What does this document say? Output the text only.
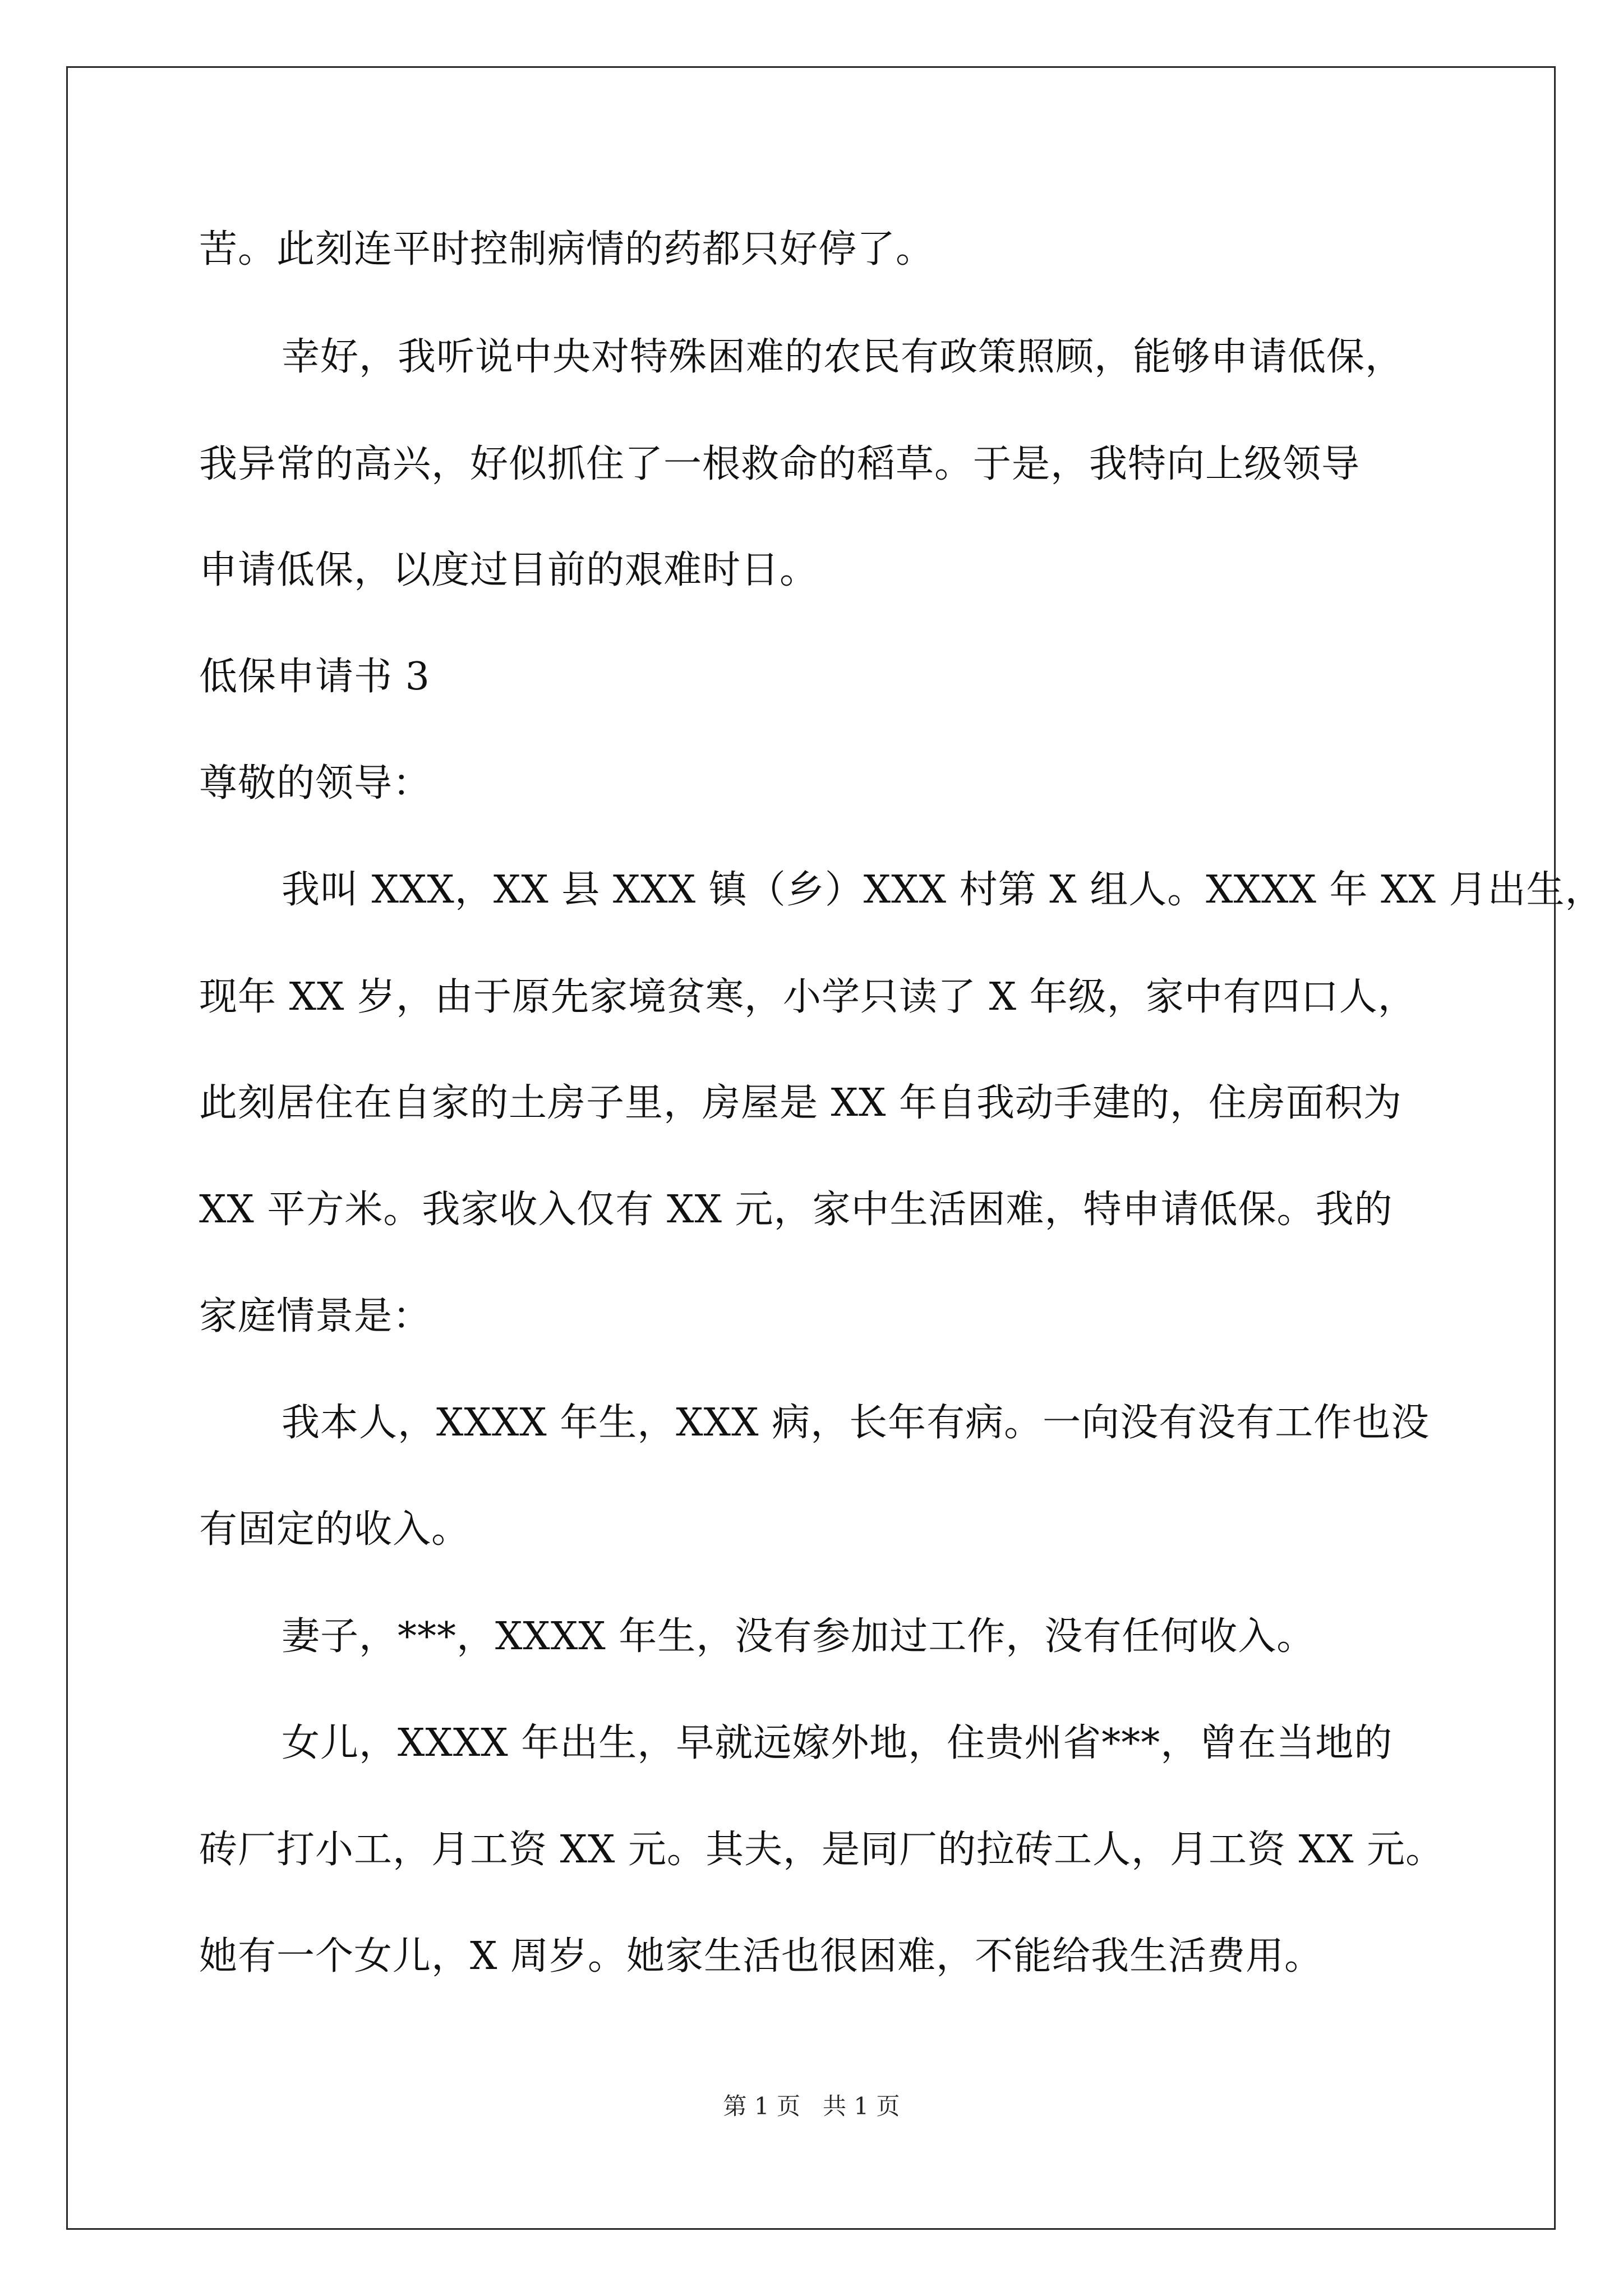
苦。此刻连平时控制病情的药都只好停了。
幸好，我听说中央对特殊困难的农民有政策照顾，能够申请低保，
我异常的高兴，好似抓住了一根救命的稻草。于是，我特向上级领导
申请低保，以度过目前的艰难时日。
低保申请书 3
尊敬的领导：
我叫 XXX，XX 县 XXX 镇（乡）XXX 村第 X 组人。XXXX 年 XX 月出生，
现年 XX 岁，由于原先家境贫寒，小学只读了 X 年级，家中有四口人，
此刻居住在自家的土房子里，房屋是 XX 年自我动手建的，住房面积为
XX 平方米。我家收入仅有 XX 元，家中生活困难，特申请低保。我的
家庭情景是：
我本人，XXXX 年生，XXX 病，长年有病。一向没有没有工作也没
有固定的收入。
妻子，***，XXXX 年生，没有参加过工作，没有任何收入。
女儿，XXXX 年出生，早就远嫁外地，住贵州省***，曾在当地的
砖厂打小工，月工资 XX 元。其夫，是同厂的拉砖工人，月工资 XX 元。
她有一个女儿，X 周岁。她家生活也很困难，不能给我生活费用。
第 1 页   共 1 页
